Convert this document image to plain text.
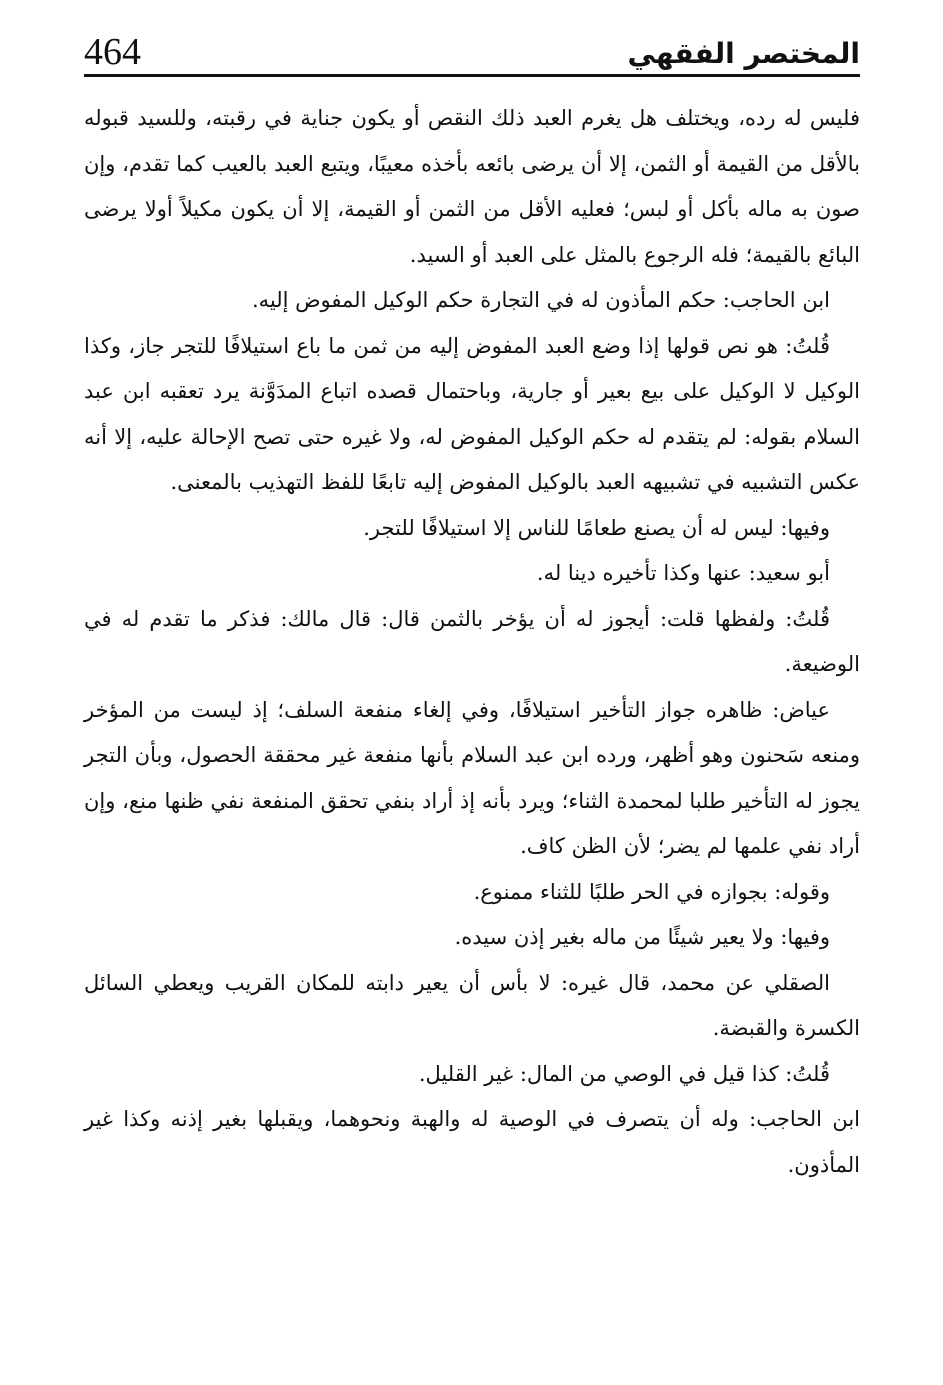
464	المختصر الفقهي

فليس له رده، ويختلف هل يغرم العبد ذلك النقص أو يكون جناية في رقبته، وللسيد قبوله بالأقل من القيمة أو الثمن، إلا أن يرضى بائعه بأخذه معيبًا، ويتبع العبد بالعيب كما تقدم، وإن صون به ماله بأكل أو لبس؛ فعليه الأقل من الثمن أو القيمة، إلا أن يكون مكيلاً أولا يرضى البائع بالقيمة؛ فله الرجوع بالمثل على العبد أو السيد.

ابن الحاجب: حكم المأذون له في التجارة حكم الوكيل المفوض إليه.

قُلتُ: هو نص قولها إذا وضع العبد المفوض إليه من ثمن ما باع استيلافًا للتجر جاز، وكذا الوكيل لا الوكيل على بيع بعير أو جارية، وباحتمال قصده اتباع المدَوَّنة يرد تعقبه ابن عبد السلام بقوله: لم يتقدم له حكم الوكيل المفوض له، ولا غيره حتى تصح الإحالة عليه، إلا أنه عكس التشبيه في تشبيهه العبد بالوكيل المفوض إليه تابعًا للفظ التهذيب بالمعنى.

وفيها: ليس له أن يصنع طعامًا للناس إلا استيلافًا للتجر.

أبو سعيد: عنها وكذا تأخيره دينا له.

قُلتُ: ولفظها قلت: أيجوز له أن يؤخر بالثمن قال: قال مالك: فذكر ما تقدم له في الوضيعة.

عياض: ظاهره جواز التأخير استيلافًا، وفي إلغاء منفعة السلف؛ إذ ليست من المؤخر ومنعه سَحنون وهو أظهر، ورده ابن عبد السلام بأنها منفعة غير محققة الحصول، وبأن التجر يجوز له التأخير طلبا لمحمدة الثناء؛ ويرد بأنه إذ أراد بنفي تحقق المنفعة نفي ظنها منع، وإن أراد نفي علمها لم يضر؛ لأن الظن كاف.

وقوله: بجوازه في الحر طلبًا للثناء ممنوع.

وفيها: ولا يعير شيئًا من ماله بغير إذن سيده.

الصقلي عن محمد، قال غيره: لا بأس أن يعير دابته للمكان القريب ويعطي السائل الكسرة والقبضة.

قُلتُ: كذا قيل في الوصي من المال: غير القليل.

ابن الحاجب: وله أن يتصرف في الوصية له والهبة ونحوهما، ويقبلها بغير إذنه وكذا غير المأذون.
